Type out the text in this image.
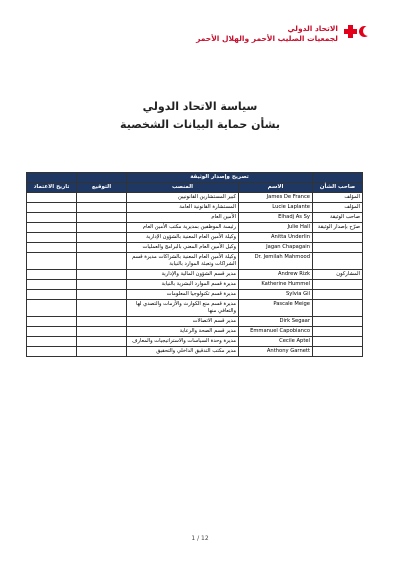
الاتحاد الدولي
لجمعيات الصليب الأحمر والهلال الأحمر
سياسة الاتحاد الدولي
بشأن حماية البيانات الشخصية
	تصريح وإصدار الوثيقة			
صاحب الشأن	الاسم	المنصب	التوقيع	تاريخ الاعتماد
المؤلف	James De France	كبير المستشارين القانونيين		
المؤلف	Lucie Laplante	المستشارة القانونية العامة		
صاحب الوثيقة	Elhadj As Sy	الأمين العام		
صرّح بإصدار الوثيقة	Julie Hall	رئيسة الموظفين بمديرية مكتب الأمين العام		
	Anitta Underlin	وكيلة الأمين العام المعنية بالشؤون الإدارية		
	Jagan Chapagain	وكيل الأمين العام المعني بالبرامج والعمليات		
	Dr. Jemilah Mahmood	وكيلة الأمين العام المعنية بالشراكات مديرة قسم الشراكات وتعبئة الموارد بالنيابة		
المشاركون	Andrew Rizk	مدير قسم الشؤون المالية والإدارية		
	Katherine Hummel	مديرة قسم الموارد البشرية بالنيابة		
	Sylvia Gil	مديرة قسم تكنولوجيا المعلومات		
	Pascale Meige	مديرة قسم منع الكوارث والأزمات والتصدي لها والتعافي منها		
	Dirk Segaar	مدير قسم الاتصالات		
	Emmanuel Capobianco	مدير قسم الصحة والرعاية		
	Cecile Aptel	مديرة وحدة السياسات والاستراتيجيات والمعارف		
	Anthony Garnett	مدير مكتب التدقيق الداخلي والتحقيق		
1 / 12
